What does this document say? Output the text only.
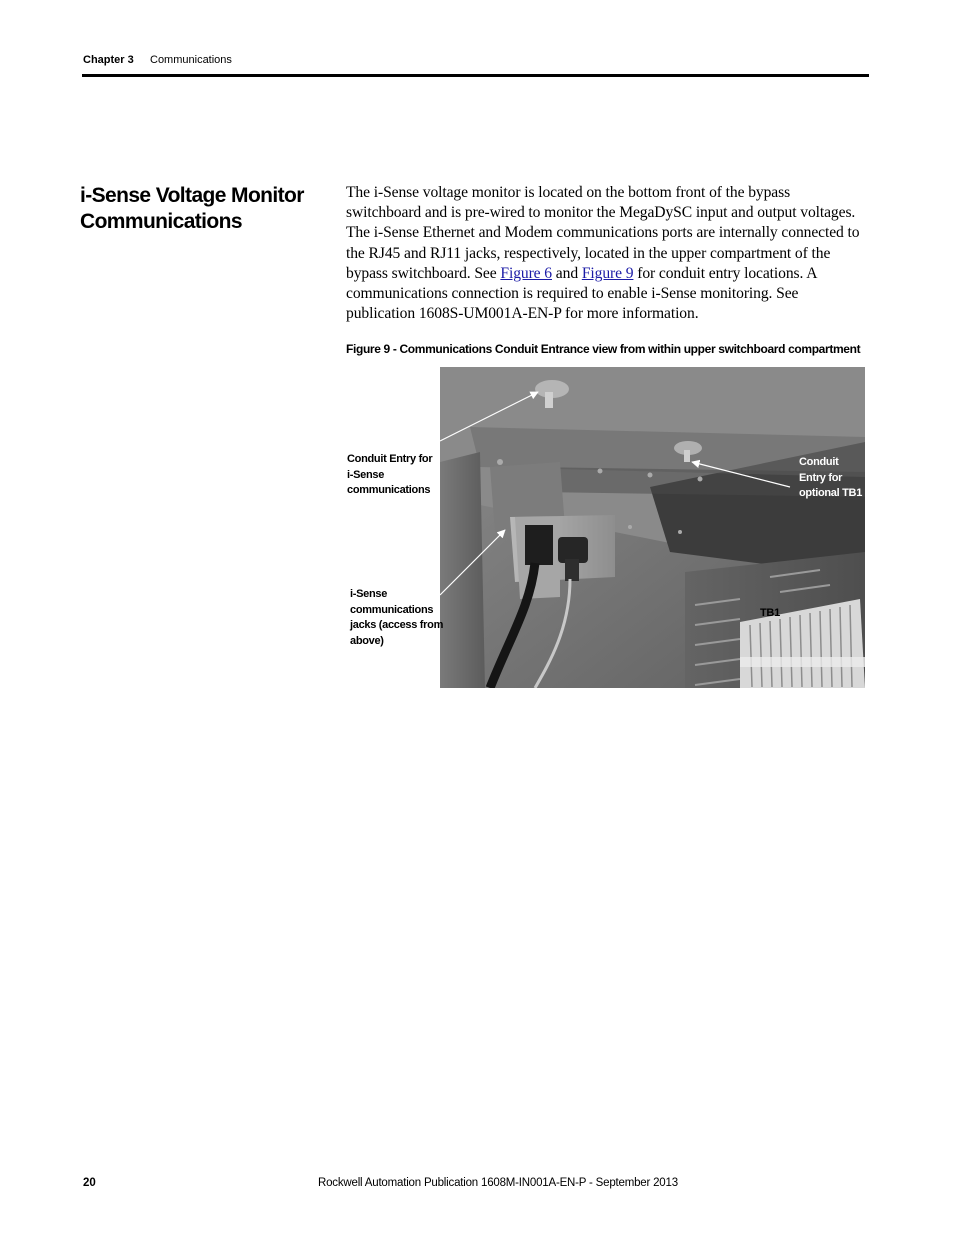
Chapter 3 Communications
i-Sense Voltage Monitor
Communications
The i-Sense voltage monitor is located on the bottom front of the bypass switchboard and is pre-wired to monitor the MegaDySC input and output voltages. The i-Sense Ethernet and Modem communications ports are internally connected to the RJ45 and RJ11 jacks, respectively, located in the upper compartment of the bypass switchboard. See Figure 6 and Figure 9 for conduit entry locations. A communications connection is required to enable i-Sense monitoring. See publication 1608S-UM001A-EN-P for more information.
Figure 9 - Communications Conduit Entrance view from within upper switchboard compartment
Conduit Entry for
i-Sense
communications
Conduit
Entry for
optional TB1
i-Sense
communications
jacks (access from
above)
TB1
20	Rockwell Automation Publication 1608M-IN001A-EN-P - September 2013
